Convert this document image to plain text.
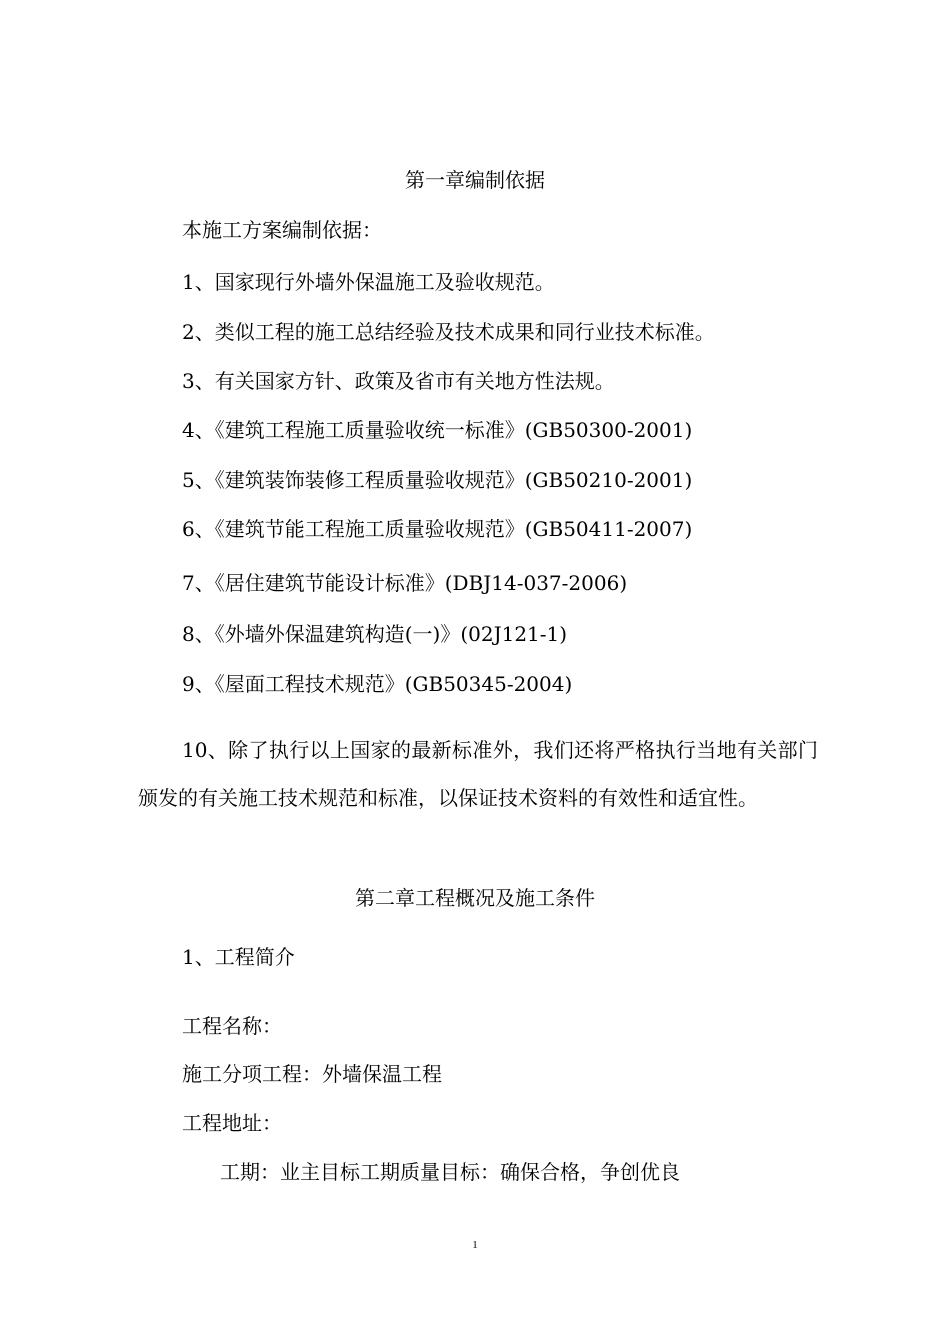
第一章编制依据
本施工方案编制依据：
1、国家现行外墙外保温施工及验收规范。
2、类似工程的施工总结经验及技术成果和同行业技术标准。
3、有关国家方针、政策及省市有关地方性法规。
4、《建筑工程施工质量验收统一标准》(GB50300-2001)
5、《建筑装饰装修工程质量验收规范》(GB50210-2001)
6、《建筑节能工程施工质量验收规范》(GB50411-2007)
7、《居住建筑节能设计标准》(DBJ14-037-2006)
8、《外墙外保温建筑构造(一)》(02J121-1)
9、《屋面工程技术规范》(GB50345-2004)
10、除了执行以上国家的最新标准外，我们还将严格执行当地有关部门颁发的有关施工技术规范和标准，以保证技术资料的有效性和适宜性。
第二章工程概况及施工条件
1、工程简介
工程名称：
施工分项工程：外墙保温工程
工程地址：
工期：业主目标工期质量目标：确保合格，争创优良
1
